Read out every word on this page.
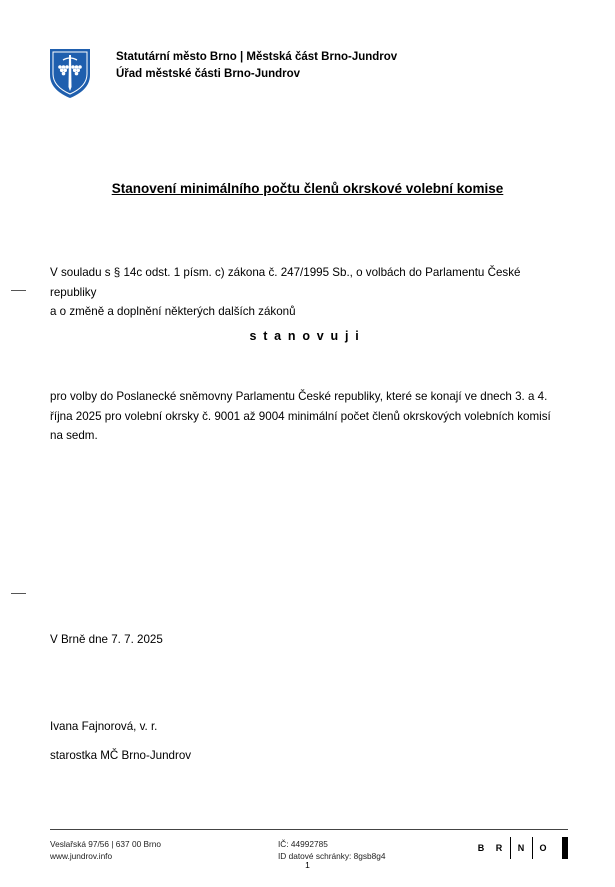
Statutární město Brno | Městská část Brno-Jundrov
Úřad městské části Brno-Jundrov
Stanovení minimálního počtu členů okrskové volební komise
V souladu s § 14c odst. 1 písm. c) zákona č. 247/1995 Sb., o volbách do Parlamentu České republiky
a o změně a doplnění některých dalších zákonů
stanovuji
pro volby do Poslanecké sněmovny Parlamentu České republiky, které se konají ve dnech 3. a 4.
října 2025 pro volební okrsky č. 9001 až 9004 minimální počet členů okrskových volebních komisí
na sedm.
V Brně dne 7. 7. 2025
Ivana Fajnorová, v. r.
starostka MČ Brno-Jundrov
Veslařská 97/56 | 637 00 Brno
www.jundrov.info
IČ: 44992785
ID datové schránky: 8gsb8g4
B	R	N	O
1
